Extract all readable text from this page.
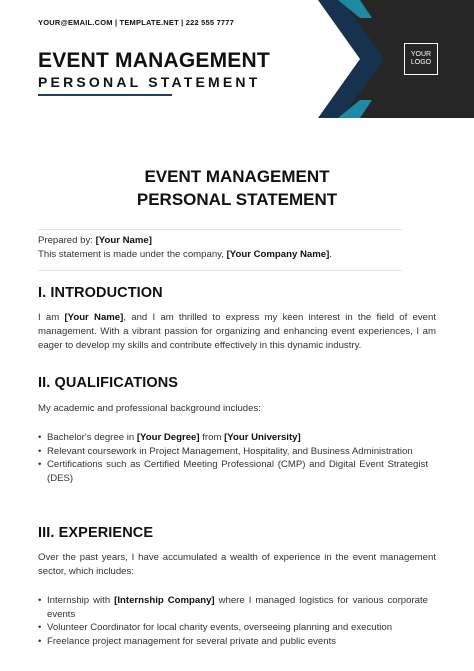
YOUR@EMAIL.COM | TEMPLATE.NET | 222 555 7777
EVENT MANAGEMENT
PERSONAL STATEMENT
YOUR
LOGO
EVENT MANAGEMENT
PERSONAL STATEMENT
Prepared by: [Your Name]
This statement is made under the company, [Your Company Name].
I. INTRODUCTION
I am [Your Name], and I am thrilled to express my keen interest in the field of event management. With a vibrant passion for organizing and enhancing event experiences, I am eager to develop my skills and contribute effectively in this dynamic industry.
II. QUALIFICATIONS
My academic and professional background includes:
• Bachelor's degree in [Your Degree] from [Your University]
• Relevant coursework in Project Management, Hospitality, and Business Administration
• Certifications such as Certified Meeting Professional (CMP) and Digital Event Strategist (DES)
III. EXPERIENCE
Over the past years, I have accumulated a wealth of experience in the event management sector, which includes:
• Internship with [Internship Company] where I managed logistics for various corporate events
• Volunteer Coordinator for local charity events, overseeing planning and execution
• Freelance project management for several private and public events
